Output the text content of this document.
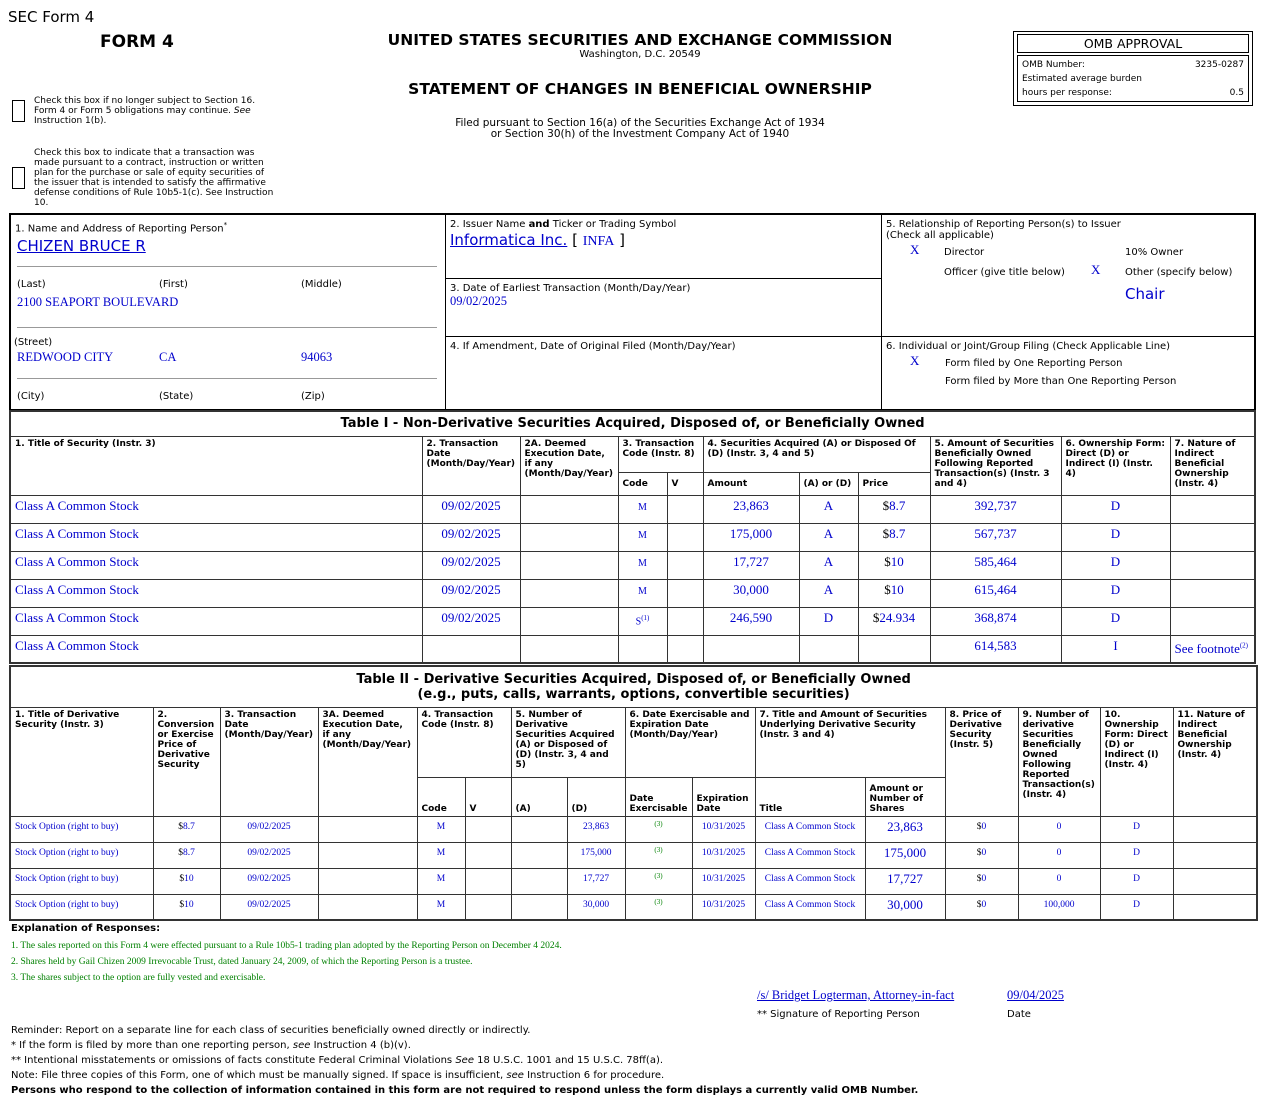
SEC Form 4
FORM 4	UNITED STATES SECURITIES AND EXCHANGE COMMISSION
Washington, D.C. 20549
STATEMENT OF CHANGES IN BENEFICIAL OWNERSHIP
Filed pursuant to Section 16(a) of the Securities Exchange Act of 1934
or Section 30(h) of the Investment Company Act of 1940
Check this box if no longer subject to Section 16. Form 4 or Form 5 obligations may continue. See Instruction 1(b).
Check this box to indicate that a transaction was made pursuant to a contract, instruction or written plan for the purchase or sale of equity securities of the issuer that is intended to satisfy the affirmative defense conditions of Rule 10b5-1(c). See Instruction 10.
OMB APPROVAL
OMB Number:	3235-0287
Estimated average burden
hours per response:	0.5
1. Name and Address of Reporting Person*
CHIZEN BRUCE R
(Last)	(First)	(Middle)
2100 SEAPORT BOULEVARD
(Street)
REDWOOD CITY	CA	94063
(City)	(State)	(Zip)
2. Issuer Name and Ticker or Trading Symbol
Informatica Inc. [ INFA ]
3. Date of Earliest Transaction (Month/Day/Year)
09/02/2025
4. If Amendment, Date of Original Filed (Month/Day/Year)
5. Relationship of Reporting Person(s) to Issuer
(Check all applicable)
X Director	10% Owner
Officer (give title below) X Other (specify below)
Chair
6. Individual or Joint/Group Filing (Check Applicable Line)
X	Form filed by One Reporting Person
Form filed by More than One Reporting Person
Table I - Non-Derivative Securities Acquired, Disposed of, or Beneficially Owned										
1. Title of Security (Instr. 3)	2. Transaction Date (Month/Day/Year)	2A. Deemed Execution Date, if any (Month/Day/Year)	3. Transaction Code (Instr. 8)		4. Securities Acquired (A) or Disposed Of (D) (Instr. 3, 4 and 5)			5. Amount of Securities Beneficially Owned Following Reported Transaction(s) (Instr. 3 and 4)	6. Ownership Form: Direct (D) or Indirect (I) (Instr. 4)	7. Nature of Indirect Beneficial Ownership (Instr. 4)
			Code	V	Amount	(A) or (D)	Price			
Class A Common Stock	09/02/2025		M		23,863	A	$8.7	392,737	D	
Class A Common Stock	09/02/2025		M		175,000	A	$8.7	567,737	D	
Class A Common Stock	09/02/2025		M		17,727	A	$10	585,464	D	
Class A Common Stock	09/02/2025		M		30,000	A	$10	615,464	D	
Class A Common Stock	09/02/2025		$S^{(1)}$		246,590	D	$24.934	368,874	D	
Class A Common Stock								614,583	I	See footnote$^{(2)}$
Table II - Derivative Securities Acquired, Disposed of, or Beneficially Owned
(e.g., puts, calls, warrants, options, convertible securities)															

1. Title of Derivative Security (Instr. 3)	2. Conversion or Exercise Price of Derivative Security	3. Transaction Date (Month/Day/Year)	3A. Deemed Execution Date, if any (Month/Day/Year)	4. Transaction Code (Instr. 8)		5. Number of Derivative Securities Acquired (A) or Disposed of (D) (Instr. 3, 4 and 5)		6. Date Exercisable and Expiration Date (Month/Day/Year)		7. Title and Amount of Securities Underlying Derivative Security (Instr. 3 and 4)		8. Price of Derivative Security (Instr. 5)	9. Number of derivative Securities Beneficially Owned Following Reported Transaction(s) (Instr. 4)	10. Ownership Form: Direct (D) or Indirect (I) (Instr. 4)	11. Nature of Indirect Beneficial Ownership (Instr. 4)
				Code	V	(A)	(D)	Date Exercisable	Expiration Date	Title	Amount or Number of Shares				
Stock Option (right to buy)	$8.7	09/02/2025		M			23,863	$^{(3)}$	10/31/2025	Class A Common Stock	23,863	$0	0	D	
Stock Option (right to buy)	$8.7	09/02/2025		M			175,000	$^{(3)}$	10/31/2025	Class A Common Stock	175,000	$0	0	D	
Stock Option (right to buy)	$10	09/02/2025		M			17,727	$^{(3)}$	10/31/2025	Class A Common Stock	17,727	$0	0	D	
Stock Option (right to buy)	$10	09/02/2025		M			30,000	$^{(3)}$	10/31/2025	Class A Common Stock	30,000	$0	100,000	D	
Explanation of Responses:
1. The sales reported on this Form 4 were effected pursuant to a Rule 10b5-1 trading plan adopted by the Reporting Person on December 4 2024.
2. Shares held by Gail Chizen 2009 Irrevocable Trust, dated January 24, 2009, of which the Reporting Person is a trustee.
3. The shares subject to the option are fully vested and exercisable.
/s/ Bridget Logterman, Attorney-in-fact	09/04/2025
** Signature of Reporting Person	Date
Reminder: Report on a separate line for each class of securities beneficially owned directly or indirectly.
* If the form is filed by more than one reporting person, see Instruction 4 (b)(v).
** Intentional misstatements or omissions of facts constitute Federal Criminal Violations See 18 U.S.C. 1001 and 15 U.S.C. 78ff(a).
Note: File three copies of this Form, one of which must be manually signed. If space is insufficient, see Instruction 6 for procedure.
Persons who respond to the collection of information contained in this form are not required to respond unless the form displays a currently valid OMB Number.
